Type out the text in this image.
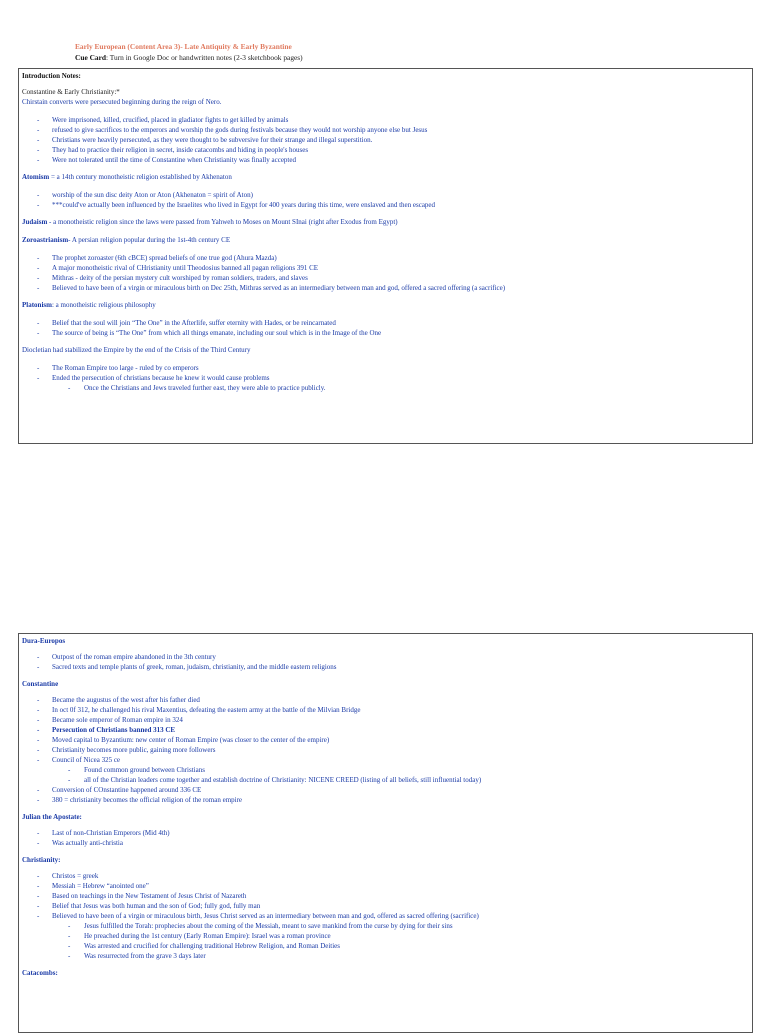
Early European (Content Area 3)- Late Antiquity & Early Byzantine
Cue Card: Turn in Google Doc or handwritten notes (2-3 sketchbook pages)
Introduction Notes:
Constantine & Early Christianity:*
Chirstain converts were persecuted beginning during the reign of Nero.
- Were imprisoned, killed, crucified, placed in gladiator fights to get killed by animals
- refused to give sacrifices to the emperors and worship the gods during festivals because they would not worship anyone else but Jesus
- Christians were heavily persecuted, as they were thought to be subversive for their strange and illegal superstition.
- They had to practice their religion in secret, inside catacombs and hiding in people's houses
- Were not tolerated until the time of Constantine when Christianity was finally accepted
Atomism = a 14th century monotheistic religion established by Akhenaton
- worship of the sun disc deity Aton or Aton (Akhenaton = spirit of Aton)
- ***could've actually been influenced by the Israelites who lived in Egypt for 400 years during this time, were enslaved and then escaped
Judaism - a monotheistic religion since the laws were passed from Yahweh to Moses on Mount SInai (right after Exodus from Egypt)
Zoroastrianism- A persian religion popular during the 1st-4th century CE
- The prophet zoroaster (6th cBCE) spread beliefs of one true god (Ahura Mazda)
- A major monotheistic rival of CHristianity until Theodosius banned all pagan religions 391 CE
- Mithras - deity of the persian mystery cult worshiped by roman soldiers, traders, and slaves
- Believed to have been of a virgin or miraculous birth on Dec 25th, Mithras served as an intermediary between man and god, offered a sacred offering (a sacrifice)
Platonism: a monotheistic religious philosophy
- Belief that the soul will join “The One” in the Afterlife, suffer eternity with Hades, or be reincarnated
- The source of being is “The One” from which all things emanate, including our soul which is in the Image of the One
Diocletian had stabilized the Empire by the end of the Crisis of the Third Century
- The Roman Empire too large - ruled by co emperors
- Ended the persecution of christians because he knew it would cause problems
- Once the Christians and Jews traveled further east, they were able to practice publicly.
Dura-Europos
- Outpost of the roman empire abandoned in the 3th century
- Sacred texts and temple plants of greek, roman, judaism, christianity, and the middle eastern religions
Constantine
- Became the augustus of the west after his father died
- In oct 0f 312, he challenged his rival Maxentius, defeating the eastern army at the battle of the Milvian Bridge
- Became sole emperor of Roman empire in 324
- Persecution of Christians banned 313 CE
- Moved capital to Byzantium: new center of Roman Empire (was closer to the center of the empire)
- Christianity becomes more public, gaining more followers
- Council of Nicea 325 ce
- Found common ground between Christians
- all of the Christian leaders come together and establish doctrine of Christianity: NICENE CREED (listing of all beliefs, still influential today)
- Conversion of COnstantine happened around 336 CE
- 380 = christianity becomes the official religion of the roman empire
Julian the Apostate:
- Last of non-Christian Emperors (Mid 4th)
- Was actually anti-christia
Christianity:
- Christos = greek
- Messiah = Hebrew “anointed one”
- Based on teachings in the New Testament of Jesus Christ of Nazareth
- Belief that Jesus was both human and the son of God; fully god, fully man
- Believed to have been of a virgin or miraculous birth, Jesus Christ served as an intermediary between man and god, offered as sacred offering (sacrifice)
- Jesus fulfilled the Torah: prophecies about the coming of the Messiah, meant to save mankind from the curse by dying for their sins
- He preached during the 1st century (Early Roman Empire): Israel was a roman province
- Was arrested and crucified for challenging traditional Hebrew Religion, and Roman Deities
- Was resurrected from the grave 3 days later
Catacombs:
